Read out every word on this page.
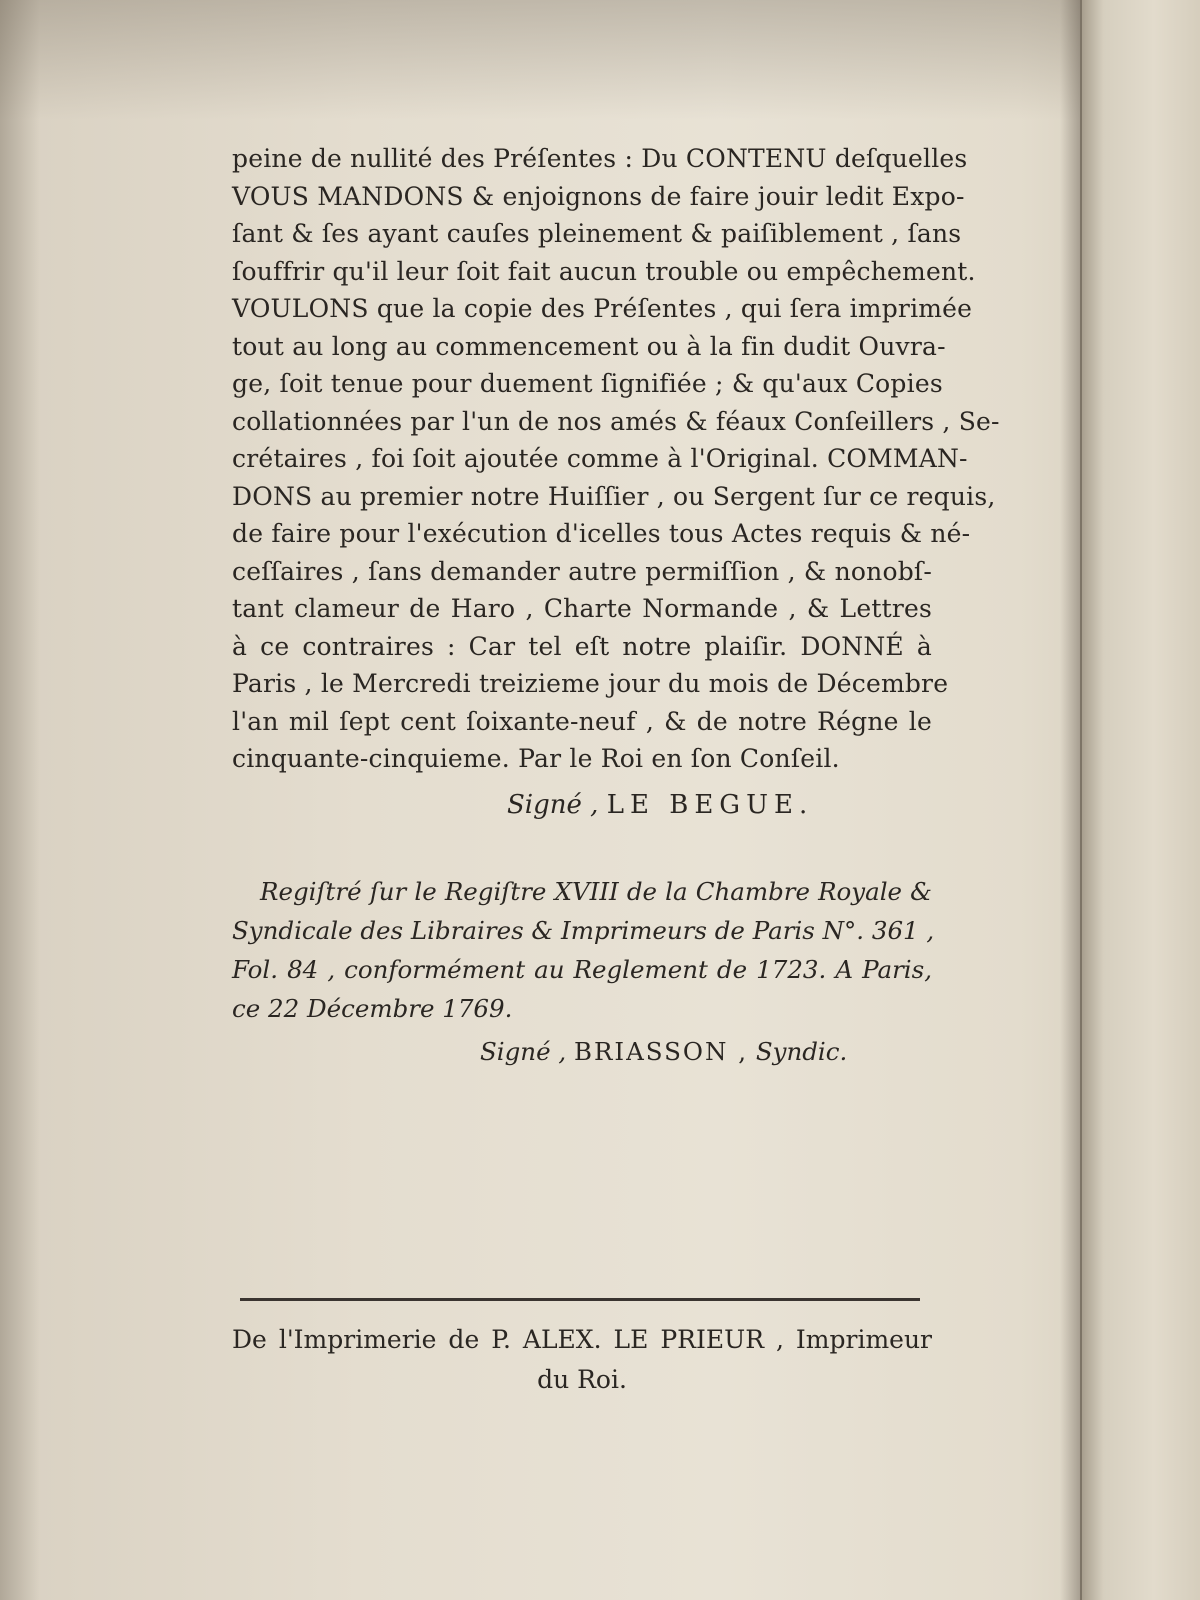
peine de nullité des Préſentes : Du CONTENU deſquelles
VOUS MANDONS & enjoignons de faire jouir ledit Expo-
ſant & ſes ayant cauſes pleinement & paiſiblement , ſans
ſouffrir qu'il leur ſoit fait aucun trouble ou empêchement.
VOULONS que la copie des Préſentes , qui ſera imprimée
tout au long au commencement ou à la fin dudit Ouvra-
ge, ſoit tenue pour duement ſignifiée ; & qu'aux Copies
collationnées par l'un de nos amés & féaux Conſeillers , Se-
crétaires , foi ſoit ajoutée comme à l'Original. COMMAN-
DONS au premier notre Huiſſier , ou Sergent ſur ce requis,
de faire pour l'exécution d'icelles tous Actes requis & né-
ceſſaires , ſans demander autre permiſſion , & nonobſ-
tant clameur de Haro , Charte Normande , & Lettres
à ce contraires : Car tel eſt notre plaiſir. DONNÉ à
Paris , le Mercredi treizieme jour du mois de Décembre
l'an mil ſept cent ſoixante-neuf , & de notre Régne le
cinquante-cinquieme. Par le Roi en ſon Conſeil.
Signé , LE BEGUE.
Regiſtré ſur le Regiſtre XVIII de la Chambre Royale &
Syndicale des Libraires & Imprimeurs de Paris N°. 361 ,
Fol. 84 , conformément au Reglement de 1723. A Paris,
ce 22 Décembre 1769.
Signé , BRIASSON , Syndic.
De l'Imprimerie de P. ALEX. LE PRIEUR , Imprimeur
du Roi.
